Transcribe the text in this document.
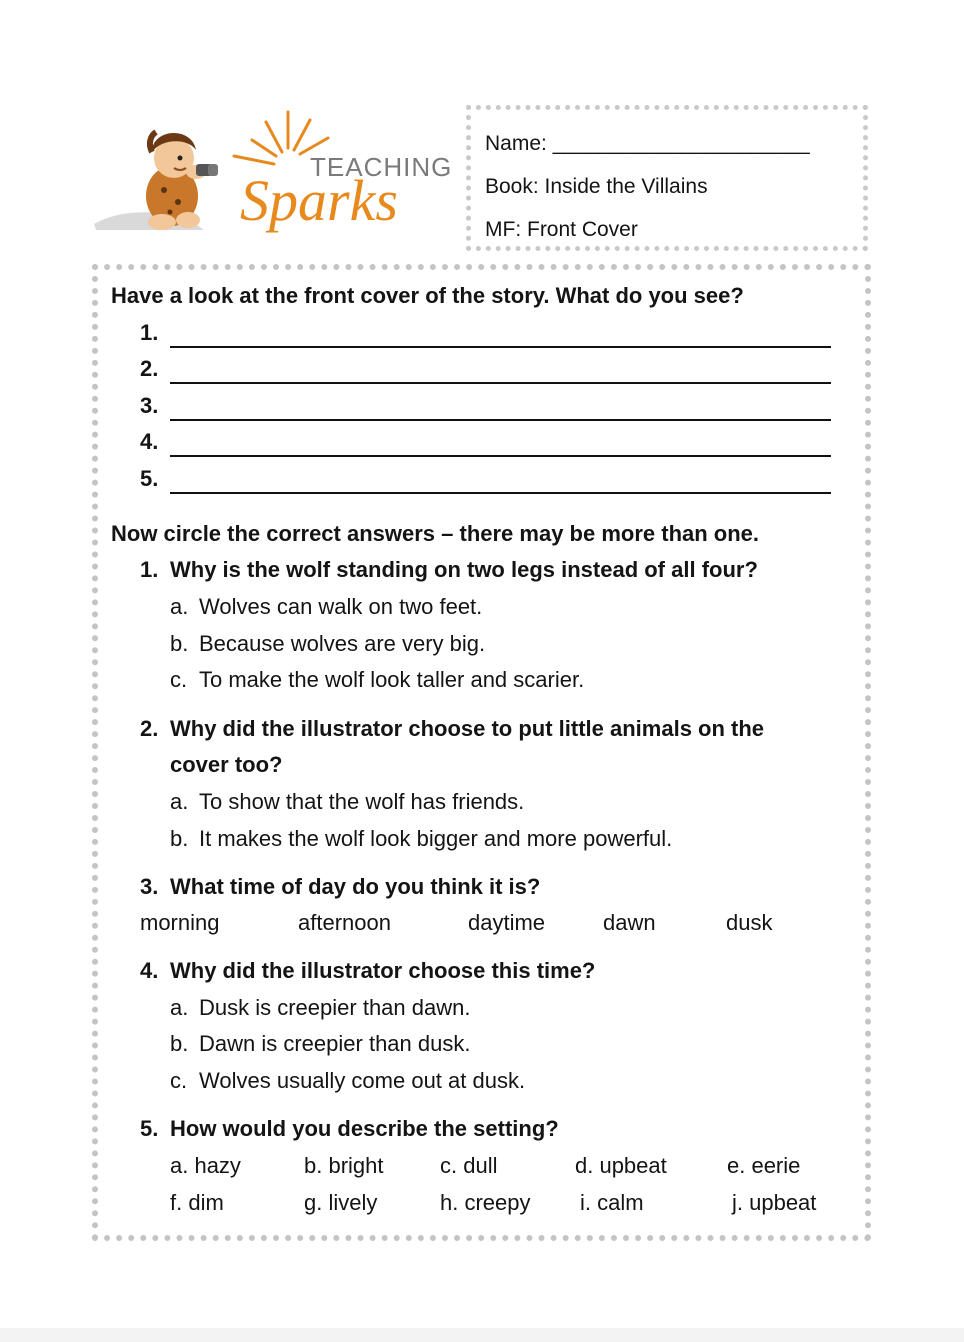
TEACHING
Sparks
Name: ______________________
Book: Inside the Villains
MF: Front Cover
Have a look at the front cover of the story. What do you see?
1.
2.
3.
4.
5.
Now circle the correct answers – there may be more than one.
1. Why is the wolf standing on two legs instead of all four?
a. Wolves can walk on two feet.
b. Because wolves are very big.
c. To make the wolf look taller and scarier.
2. Why did the illustrator choose to put little animals on the
cover too?
a. To show that the wolf has friends.
b. It makes the wolf look bigger and more powerful.
3. What time of day do you think it is?
morning	afternoon	daytime	dawn	dusk
4. Why did the illustrator choose this time?
a. Dusk is creepier than dawn.
b. Dawn is creepier than dusk.
c. Wolves usually come out at dusk.
5. How would you describe the setting?
a. hazy	b. bright	c. dull	d. upbeat	e. eerie
f. dim	g. lively	h. creepy i. calm	j. upbeat
